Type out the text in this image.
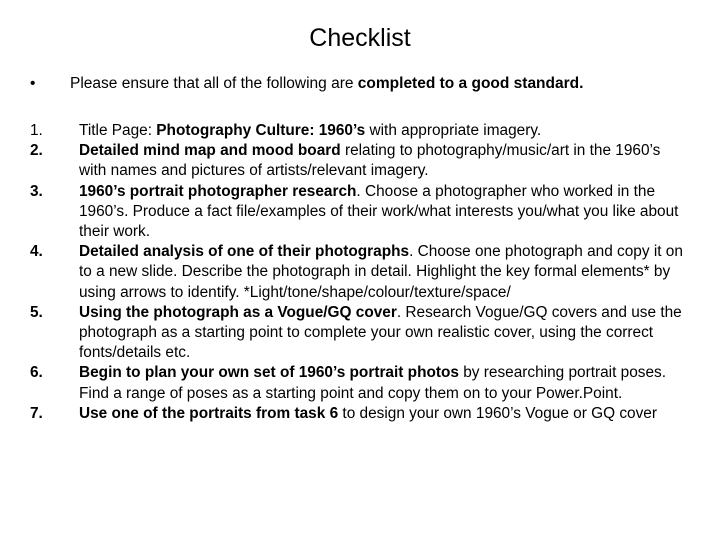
Checklist
•	Please ensure that all of the following are completed to a good standard.
1.	Title Page: Photography Culture: 1960’s with appropriate imagery.
2.	Detailed mind map and mood board relating to photography/music/art in the 1960’s with names and pictures of artists/relevant imagery.
3.	1960’s portrait photographer research. Choose a photographer who worked in the 1960’s. Produce a fact file/examples of their work/what interests you/what you like about their work.
4.	Detailed analysis of one of their photographs. Choose one photograph and copy it on to a new slide. Describe the photograph in detail. Highlight the key formal elements* by using arrows to identify. *Light/tone/shape/colour/texture/space/
5.	Using the photograph as a Vogue/GQ cover. Research Vogue/GQ covers and use the photograph as a starting point to complete your own realistic cover, using the correct fonts/details etc.
6.	Begin to plan your own set of 1960’s portrait photos by researching portrait poses. Find a range of poses as a starting point and copy them on to your Power.Point.
7.	Use one of the portraits from task 6 to design your own 1960’s Vogue or GQ cover
